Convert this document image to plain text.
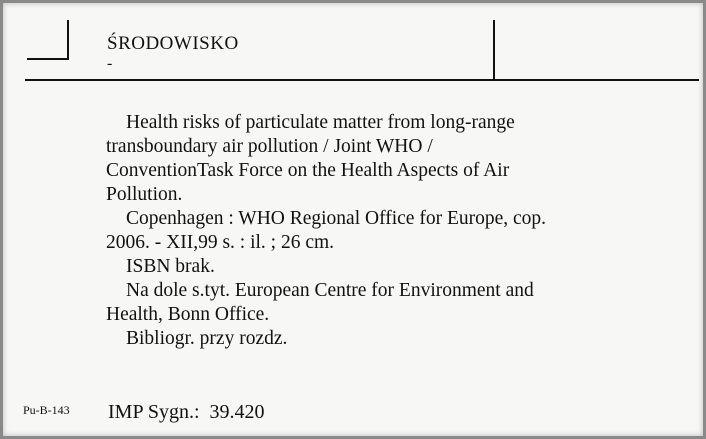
ŚRODOWISKO
-

Health risks of particulate matter from long-range
transboundary air pollution / Joint WHO /
ConventionTask Force on the Health Aspects of Air
Pollution.

Copenhagen : WHO Regional Office for Europe, cop.
2006. - XII,99 s. : il. ; 26 cm.

ISBN brak.

Na dole s.tyt. European Centre for Environment and
Health, Bonn Office.

Bibliogr. przy rozdz.

Pu-B-143 IMP Sygn.: 39.420
